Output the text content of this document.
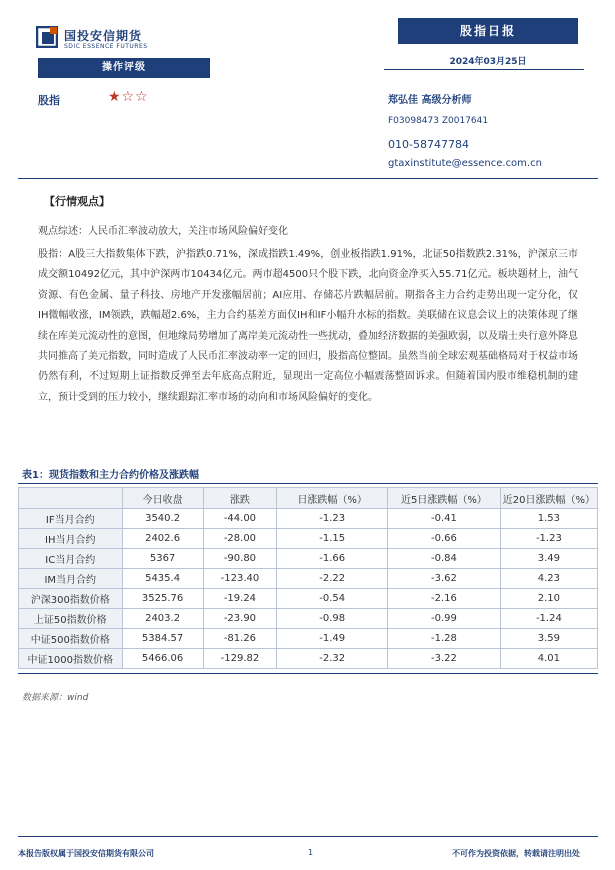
国投安信期货
SDIC ESSENCE FUTURES
股指日报
2024年03月25日
操作评级
股指	★☆☆	郑弘佳 高级分析师
F03098473 Z0017641
010-58747784
gtaxinstitute@essence.com.cn
【行情观点】
观点综述：人民币汇率波动放大，关注市场风险偏好变化
股指：A股三大指数集体下跌，沪指跌0.71%，深成指跌1.49%，创业板指跌1.91%，北证50指数跌2.31%，沪深京三市成交额10492亿元，其中沪深两市10434亿元。两市超4500只个股下跌，北向资金净买入55.71亿元。板块题材上，油气资源、有色金属、量子科技、房地产开发涨幅居前；AI应用、存储芯片跌幅居前。期指各主力合约走势出现一定分化，仅IH微幅收涨，IM领跌，跌幅超2.6%，主力合约基差方面仅IH和IF小幅升水标的指数。美联储在议息会议上的决策体现了继续在库美元流动性的意图，但地缘局势增加了离岸美元流动性一些扰动，叠加经济数据的美强欧弱，以及瑞士央行意外降息共同推高了美元指数，同时造成了人民币汇率波动率一定的回归，股指高位整固。虽然当前全球宏观基础格局对于权益市场仍然有利，不过短期上证指数反弹至去年底高点附近，显现出一定高位小幅震荡整固诉求。但随着国内股市维稳机制的建立，预计受到的压力较小，继续跟踪汇率市场的动向和市场风险偏好的变化。
表1：现货指数和主力合约价格及涨跌幅
	今日收盘	涨跌	日涨跌幅（%）	近5日涨跌幅（%）	近20日涨跌幅（%）
IF当月合约	3540.2	-44.00	-1.23	-0.41	1.53
IH当月合约	2402.6	-28.00	-1.15	-0.66	-1.23
IC当月合约	5367	-90.80	-1.66	-0.84	3.49
IM当月合约	5435.4	-123.40	-2.22	-3.62	4.23
沪深300指数价格	3525.76	-19.24	-0.54	-2.16	2.10
上证50指数价格	2403.2	-23.90	-0.98	-0.99	-1.24
中证500指数价格	5384.57	-81.26	-1.49	-1.28	3.59
中证1000指数价格	5466.06	-129.82	-2.32	-3.22	4.01
数据来源：wind
本报告版权属于国投安信期货有限公司	1	不可作为投资依据，转载请注明出处
